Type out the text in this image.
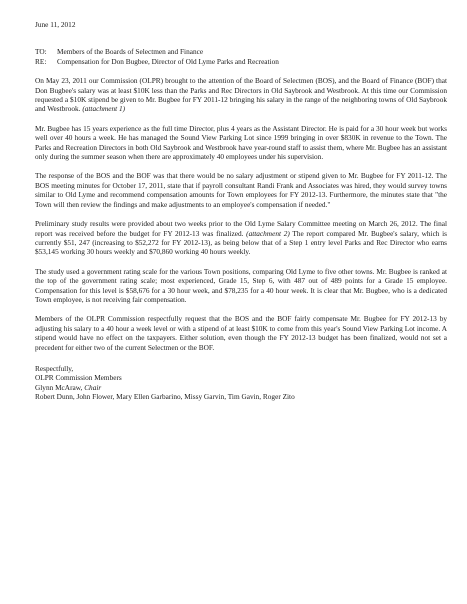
June 11, 2012
TO:	Members of the Boards of Selectmen and Finance
RE:	Compensation for Don Bugbee, Director of Old Lyme Parks and Recreation

On May 23, 2011 our Commission (OLPR) brought to the attention of the Board of Selectmen (BOS), and the Board of Finance (BOF) that Don Bugbee's salary was at least $10K less than the Parks and Rec Directors in Old Saybrook and Westbrook. At this time our Commission requested a $10K stipend be given to Mr. Bugbee for FY 2011-12 bringing his salary in the range of the neighboring towns of Old Saybrook and Westbrook. (attachment 1)

Mr. Bugbee has 15 years experience as the full time Director, plus 4 years as the Assistant Director. He is paid for a 30 hour week but works well over 40 hours a week. He has managed the Sound View Parking Lot since 1999 bringing in over $830K in revenue to the Town. The Parks and Recreation Directors in both Old Saybrook and Westbrook have year-round staff to assist them, where Mr. Bugbee has an assistant only during the summer season when there are approximately 40 employees under his supervision.

The response of the BOS and the BOF was that there would be no salary adjustment or stipend given to Mr. Bugbee for FY 2011-12. The BOS meeting minutes for October 17, 2011, state that if payroll consultant Randi Frank and Associates was hired, they would survey towns similar to Old Lyme and recommend compensation amounts for Town employees for FY 2012-13. Furthermore, the minutes state that "the Town will then review the findings and make adjustments to an employee's compensation if needed."

Preliminary study results were provided about two weeks prior to the Old Lyme Salary Committee meeting on March 26, 2012. The final report was received before the budget for FY 2012-13 was finalized. (attachment 2) The report compared Mr. Bugbee's salary, which is currently $51, 247 (increasing to $52,272 for FY 2012-13), as being below that of a Step 1 entry level Parks and Rec Director who earns $53,145 working 30 hours weekly and $70,860 working 40 hours weekly.

The study used a government rating scale for the various Town positions, comparing Old Lyme to five other towns. Mr. Bugbee is ranked at the top of the government rating scale; most experienced, Grade 15, Step 6, with 487 out of 489 points for a Grade 15 employee. Compensation for this level is $58,676 for a 30 hour week, and $78,235 for a 40 hour week. It is clear that Mr. Bugbee, who is a dedicated Town employee, is not receiving fair compensation.

Members of the OLPR Commission respectfully request that the BOS and the BOF fairly compensate Mr. Bugbee for FY 2012-13 by adjusting his salary to a 40 hour a week level or with a stipend of at least $10K to come from this year's Sound View Parking Lot income. A stipend would have no effect on the taxpayers. Either solution, even though the FY 2012-13 budget has been finalized, would not set a precedent for either two of the current Selectmen or the BOF.

Respectfully,
OLPR Commission Members
Glynn McAraw, Chair
Robert Dunn, John Flower, Mary Ellen Garbarino, Missy Garvin, Tim Gavin, Roger Zito
